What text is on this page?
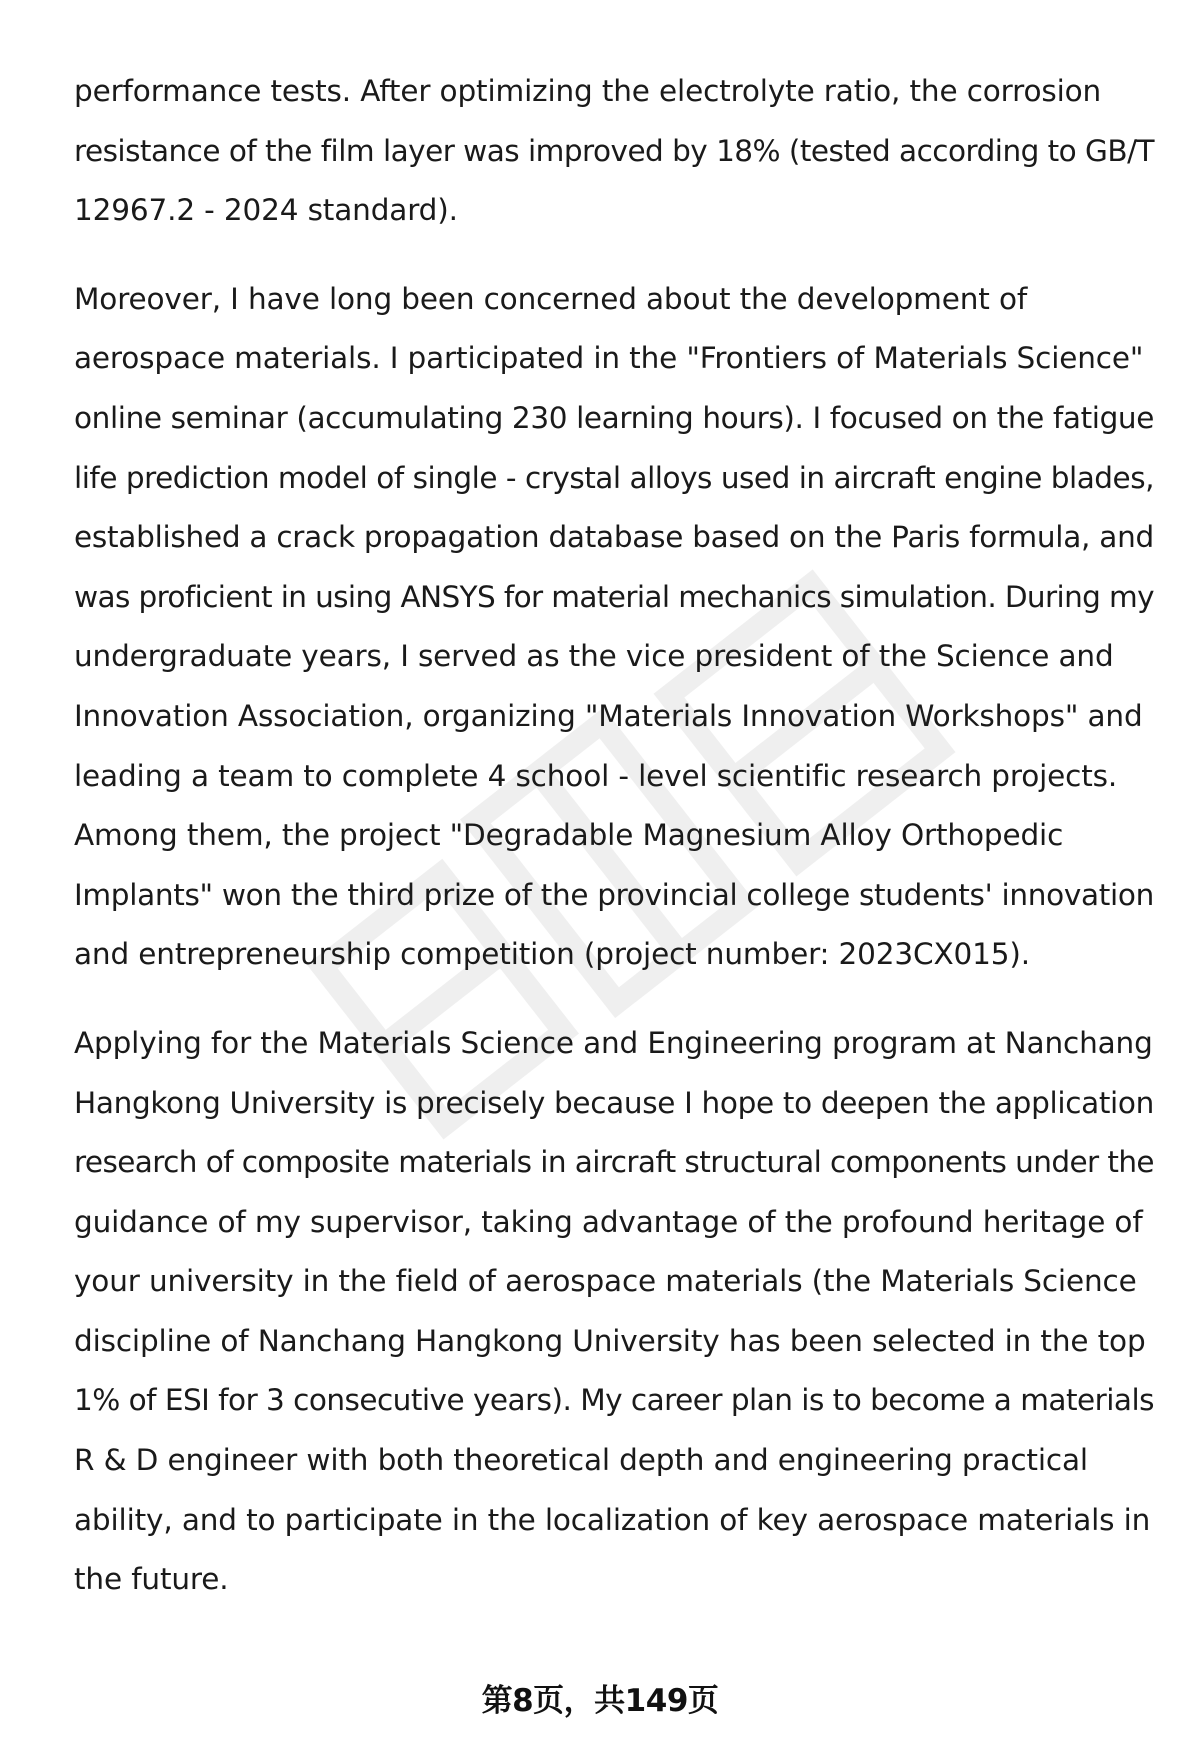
performance tests. After optimizing the electrolyte ratio, the corrosion
resistance of the film layer was improved by 18% (tested according to GB/T
12967.2 - 2024 standard).

Moreover, I have long been concerned about the development of
aerospace materials. I participated in the "Frontiers of Materials Science"
online seminar (accumulating 230 learning hours). I focused on the fatigue
life prediction model of single - crystal alloys used in aircraft engine blades,
established a crack propagation database based on the Paris formula, and
was proficient in using ANSYS for material mechanics simulation. During my
undergraduate years, I served as the vice president of the Science and
Innovation Association, organizing "Materials Innovation Workshops" and
leading a team to complete 4 school - level scientific research projects.
Among them, the project "Degradable Magnesium Alloy Orthopedic
Implants" won the third prize of the provincial college students' innovation
and entrepreneurship competition (project number: 2023CX015).

Applying for the Materials Science and Engineering program at Nanchang
Hangkong University is precisely because I hope to deepen the application
research of composite materials in aircraft structural components under the
guidance of my supervisor, taking advantage of the profound heritage of
your university in the field of aerospace materials (the Materials Science
discipline of Nanchang Hangkong University has been selected in the top
1% of ESI for 3 consecutive years). My career plan is to become a materials
R & D engineer with both theoretical depth and engineering practical
ability, and to participate in the localization of key aerospace materials in
the future.

第8页，共149页
